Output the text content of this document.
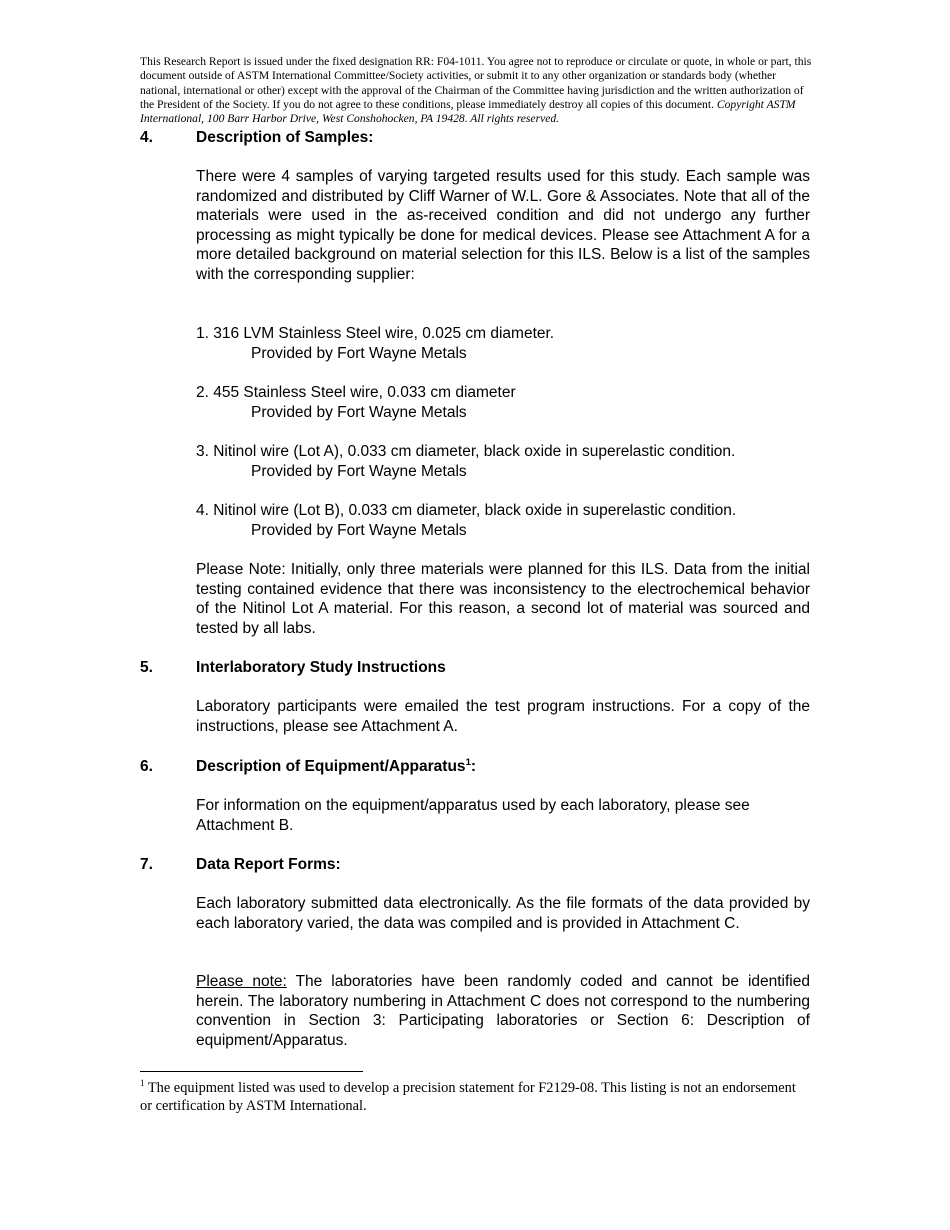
This Research Report is issued under the fixed designation RR: F04-1011. You agree not to reproduce or circulate or quote, in whole or part, this document outside of ASTM International Committee/Society activities, or submit it to any other organization or standards body (whether national, international or other) except with the approval of the Chairman of the Committee having jurisdiction and the written authorization of the President of the Society. If you do not agree to these conditions, please immediately destroy all copies of this document. Copyright ASTM International, 100 Barr Harbor Drive, West Conshohocken, PA 19428. All rights reserved.
4.	Description of Samples:
There were 4 samples of varying targeted results used for this study. Each sample was randomized and distributed by Cliff Warner of W.L. Gore & Associates. Note that all of the materials were used in the as-received condition and did not undergo any further processing as might typically be done for medical devices. Please see Attachment A for a more detailed background on material selection for this ILS. Below is a list of the samples with the corresponding supplier:
1. 316 LVM Stainless Steel wire, 0.025 cm diameter.
Provided by Fort Wayne Metals
2. 455 Stainless Steel wire, 0.033 cm diameter
Provided by Fort Wayne Metals
3. Nitinol wire (Lot A), 0.033 cm diameter, black oxide in superelastic condition.
Provided by Fort Wayne Metals
4. Nitinol wire (Lot B), 0.033 cm diameter, black oxide in superelastic condition.
Provided by Fort Wayne Metals
Please Note: Initially, only three materials were planned for this ILS. Data from the initial testing contained evidence that there was inconsistency to the electrochemical behavior of the Nitinol Lot A material. For this reason, a second lot of material was sourced and tested by all labs.
5.	Interlaboratory Study Instructions
Laboratory participants were emailed the test program instructions. For a copy of the instructions, please see Attachment A.
6.	Description of Equipment/Apparatus$^1$:
For information on the equipment/apparatus used by each laboratory, please see Attachment B.
7.	Data Report Forms:
Each laboratory submitted data electronically. As the file formats of the data provided by each laboratory varied, the data was compiled and is provided in Attachment C.
Please note: The laboratories have been randomly coded and cannot be identified herein. The laboratory numbering in Attachment C does not correspond to the numbering convention in Section 3: Participating laboratories or Section 6: Description of equipment/Apparatus.
$^1$ The equipment listed was used to develop a precision statement for F2129-08. This listing is not an endorsement or certification by ASTM International.
